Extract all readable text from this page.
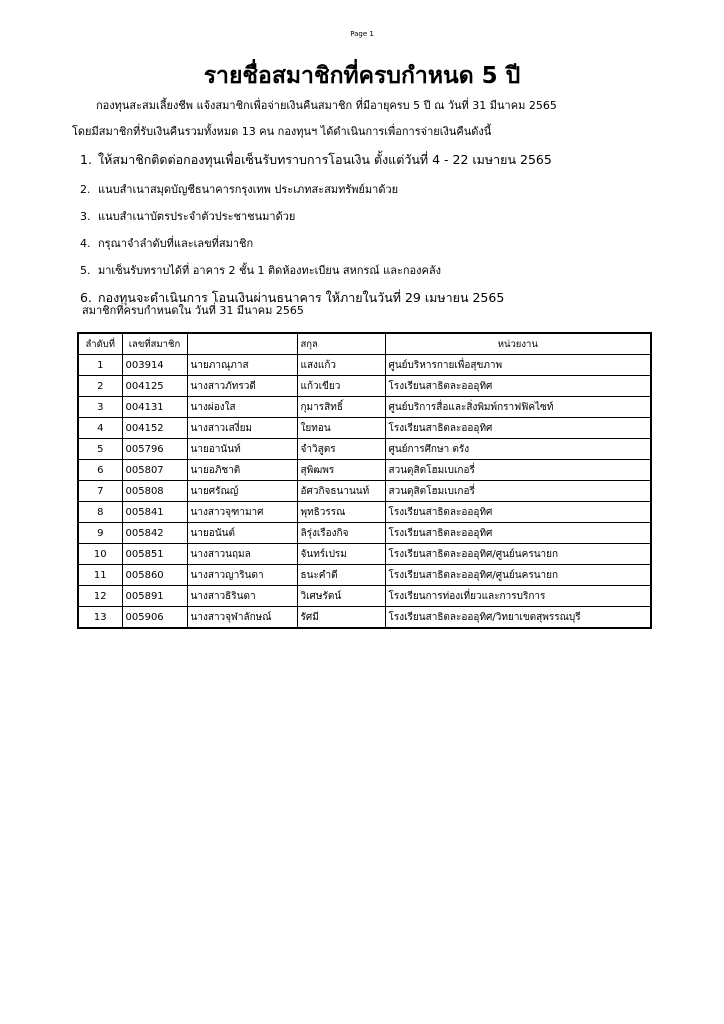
Page 1
รายชื่อสมาชิกที่ครบกำหนด 5 ปี
กองทุนสะสมเลี้ยงชีพ แจ้งสมาชิกเพื่อจ่ายเงินคืนสมาชิก ที่มีอายุครบ 5 ปี ณ วันที่ 31 มีนาคม 2565
โดยมีสมาชิกที่รับเงินคืนรวมทั้งหมด 13 คน กองทุนฯ ได้ดำเนินการเพื่อการจ่ายเงินคืนดังนี้
1. ให้สมาชิกติดต่อกองทุนเพื่อเซ็นรับทราบการโอนเงิน ตั้งแต่วันที่ 4 - 22 เมษายน 2565
2. แนบสำเนาสมุดบัญชีธนาคารกรุงเทพ ประเภทสะสมทรัพย์มาด้วย
3. แนบสำเนาบัตรประจำตัวประชาชนมาด้วย
4. กรุณาจำลำดับที่และเลขที่สมาชิก
5. มาเซ็นรับทราบได้ที่ อาคาร 2 ชั้น 1 ติดห้องทะเบียน สหกรณ์ และกองคลัง
6. กองทุนจะดำเนินการ โอนเงินผ่านธนาคาร ให้ภายในวันที่ 29 เมษายน 2565
สมาชิกที่ครบกำหนดใน วันที่ 31 มีนาคม 2565
ลำดับที่	เลขที่สมาชิก		สกุล	หน่วยงาน
1	003914	นายภาณุภาส	แสงแก้ว	ศูนย์บริหารกายเพื่อสุขภาพ
2	004125	นางสาวภัทรวดี	แก้วเขียว	โรงเรียนสาธิตละอออุทิศ
3	004131	นางผ่องใส	กุมารสิทธิ์	ศูนย์บริการสื่อและสิ่งพิมพ์กราฟฟิคไซท์
4	004152	นางสาวเสงี่ยม	ใยทอน	โรงเรียนสาธิตละอออุทิศ
5	005796	นายอานันท์	จำวิสูตร	ศูนย์การศึกษา ตรัง
6	005807	นายอภิชาติ	สุพิฒพร	สวนดุสิตโฮมเบเกอรี่
7	005808	นายศรัณญ์	อัศวกิจธนานนท์	สวนดุสิตโฮมเบเกอรี่
8	005841	นางสาวจุฑามาศ	พุทธิวรรณ	โรงเรียนสาธิตละอออุทิศ
9	005842	นายอนันต์	ลิรุ่งเรืองกิจ	โรงเรียนสาธิตละอออุทิศ
10	005851	นางสาวนฤมล	จันทร์เปรม	โรงเรียนสาธิตละอออุทิศ/ศูนย์นครนายก
11	005860	นางสาวญารินดา	ธนะคำดี	โรงเรียนสาธิตละอออุทิศ/ศูนย์นครนายก
12	005891	นางสาวธิรินดา	วิเศษรัตน์	โรงเรียนการท่องเที่ยวและการบริการ
13	005906	นางสาวจุฬาลักษณ์	รัศมี	โรงเรียนสาธิตละอออุทิศ/วิทยาเขตสุพรรณบุรี
